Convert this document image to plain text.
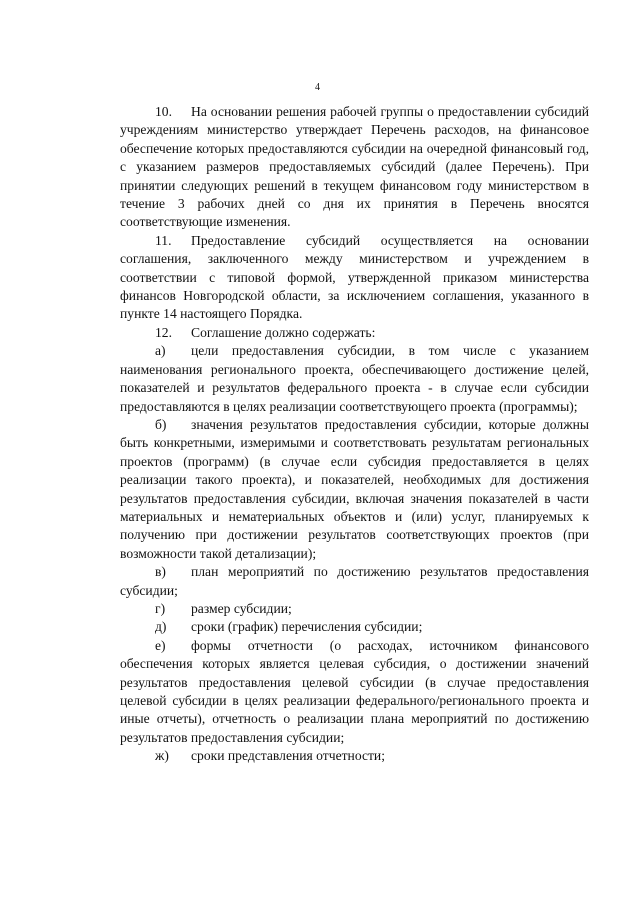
4

10. На основании решения рабочей группы о предоставлении субсидий учреждениям министерство утверждает Перечень расходов, на финансовое обеспечение которых предоставляются субсидии на очередной финансовый год, с указанием размеров предоставляемых субсидий (далее Перечень). При принятии следующих решений в текущем финансовом году министерством в течение 3 рабочих дней со дня их принятия в Перечень вносятся соответствующие изменения.

11. Предоставление субсидий осуществляется на основании соглашения, заключенного между министерством и учреждением в соответствии с типовой формой, утвержденной приказом министерства финансов Новгородской области, за исключением соглашения, указанного в пункте 14 настоящего Порядка.

12. Соглашение должно содержать:

а) цели предоставления субсидии, в том числе с указанием наименования регионального проекта, обеспечивающего достижение целей, показателей и результатов федерального проекта - в случае если субсидии предоставляются в целях реализации соответствующего проекта (программы);

б) значения результатов предоставления субсидии, которые должны быть конкретными, измеримыми и соответствовать результатам региональных проектов (программ) (в случае если субсидия предоставляется в целях реализации такого проекта), и показателей, необходимых для достижения результатов предоставления субсидии, включая значения показателей в части материальных и нематериальных объектов и (или) услуг, планируемых к получению при достижении результатов соответствующих проектов (при возможности такой детализации);

в) план мероприятий по достижению результатов предоставления субсидии;

г) размер субсидии;

д) сроки (график) перечисления субсидии;

е) формы отчетности (о расходах, источником финансового обеспечения которых является целевая субсидия, о достижении значений результатов предоставления целевой субсидии (в случае предоставления целевой субсидии в целях реализации федерального/регионального проекта и иные отчеты), отчетность о реализации плана мероприятий по достижению результатов предоставления субсидии;

ж) сроки представления отчетности;
